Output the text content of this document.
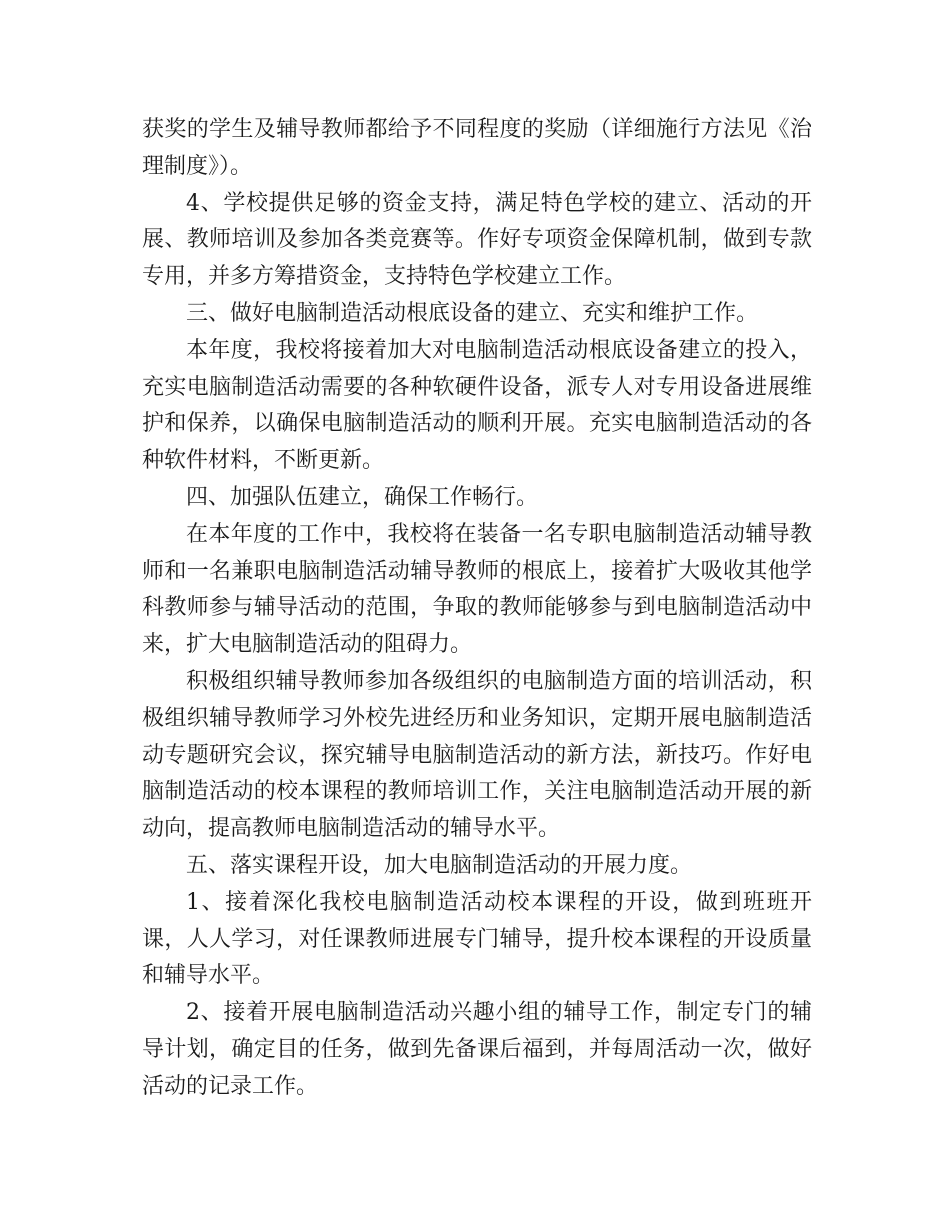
获奖的学生及辅导教师都给予不同程度的奖励（详细施行方法见《治理制度》）。

4、学校提供足够的资金支持，满足特色学校的建立、活动的开展、教师培训及参加各类竞赛等。作好专项资金保障机制，做到专款专用，并多方筹措资金，支持特色学校建立工作。

三、做好电脑制造活动根底设备的建立、充实和维护工作。

本年度，我校将接着加大对电脑制造活动根底设备建立的投入，充实电脑制造活动需要的各种软硬件设备，派专人对专用设备进展维护和保养，以确保电脑制造活动的顺利开展。充实电脑制造活动的各种软件材料，不断更新。

四、加强队伍建立，确保工作畅行。

在本年度的工作中，我校将在装备一名专职电脑制造活动辅导教师和一名兼职电脑制造活动辅导教师的根底上，接着扩大吸收其他学科教师参与辅导活动的范围，争取的教师能够参与到电脑制造活动中来，扩大电脑制造活动的阻碍力。

积极组织辅导教师参加各级组织的电脑制造方面的培训活动，积极组织辅导教师学习外校先进经历和业务知识，定期开展电脑制造活动专题研究会议，探究辅导电脑制造活动的新方法，新技巧。作好电脑制造活动的校本课程的教师培训工作，关注电脑制造活动开展的新动向，提高教师电脑制造活动的辅导水平。

五、落实课程开设，加大电脑制造活动的开展力度。

1、接着深化我校电脑制造活动校本课程的开设，做到班班开课，人人学习，对任课教师进展专门辅导，提升校本课程的开设质量和辅导水平。

2、接着开展电脑制造活动兴趣小组的辅导工作，制定专门的辅导计划，确定目的任务，做到先备课后福到，并每周活动一次，做好活动的记录工作。
